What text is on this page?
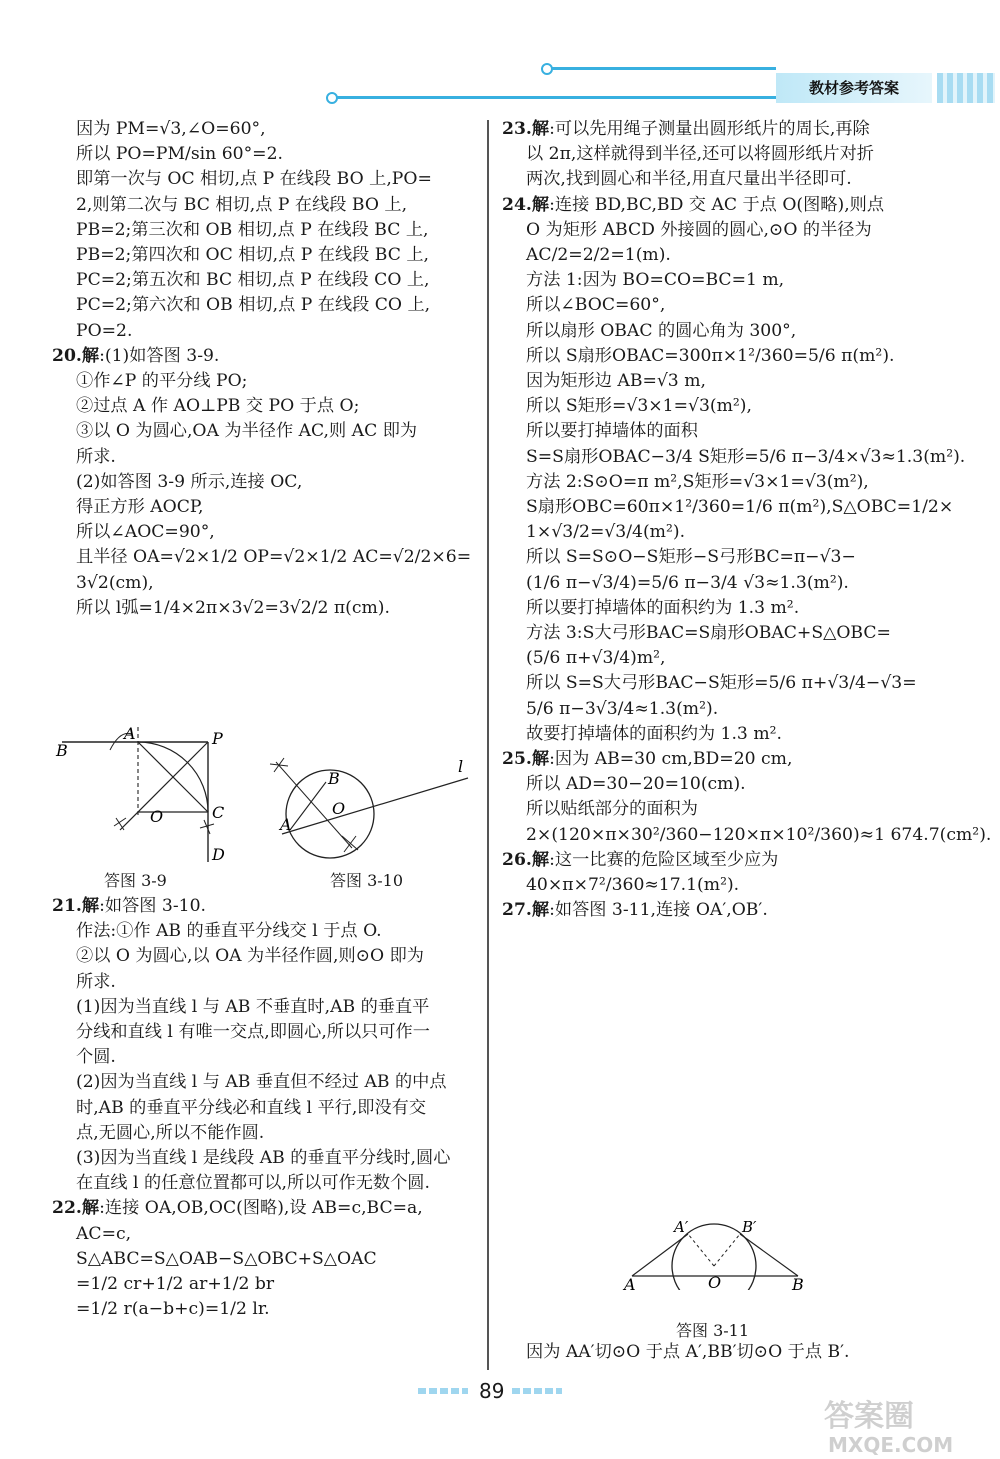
教材参考答案

因为 PM=√3,∠O=60°,

所以 PO=PM/sin 60°=2.

即第一次与 OC 相切,点 P 在线段 BO 上,PO=

2,则第二次与 BC 相切,点 P 在线段 BO 上,

PB=2;第三次和 OB 相切,点 P 在线段 BC 上,

PB=2;第四次和 OC 相切,点 P 在线段 BC 上,

PC=2;第五次和 BC 相切,点 P 在线段 CO 上,

PC=2;第六次和 OB 相切,点 P 在线段 CO 上,

PO=2.

20.解:(1)如答图 3-9.

①作∠P 的平分线 PO;

②过点 A 作 AO⊥PB 交 PO 于点 O;

③以 O 为圆心,OA 为半径作 AC,则 AC 即为

所求.

(2)如答图 3-9 所示,连接 OC,

得正方形 AOCP,

所以∠AOC=90°,

且半径 OA=√2×1/2 OP=√2×1/2 AC=√2/2×6=

3√2(cm),

所以 l弧=1/4×2π×3√2=3√2/2 π(cm).

B
A	P
C
O
D
答图 3-9
B
O
A
l
答图 3-10

21.解:如答图 3-10.

作法:①作 AB 的垂直平分线交 l 于点 O.

②以 O 为圆心,以 OA 为半径作圆,则⊙O 即为

所求.

(1)因为当直线 l 与 AB 不垂直时,AB 的垂直平

分线和直线 l 有唯一交点,即圆心,所以只可作一

个圆.

(2)因为当直线 l 与 AB 垂直但不经过 AB 的中点

时,AB 的垂直平分线必和直线 l 平行,即没有交

点,无圆心,所以不能作圆.

(3)因为当直线 l 是线段 AB 的垂直平分线时,圆心

在直线 l 的任意位置都可以,所以可作无数个圆.

22.解:连接 OA,OB,OC(图略),设 AB=c,BC=a,

AC=c,

S△ABC=S△OAB−S△OBC+S△OAC

=1/2 cr+1/2 ar+1/2 br

=1/2 r(a−b+c)=1/2 lr.

23.解:可以先用绳子测量出圆形纸片的周长,再除

以 2π,这样就得到半径,还可以将圆形纸片对折

两次,找到圆心和半径,用直尺量出半径即可.

24.解:连接 BD,BC,BD 交 AC 于点 O(图略),则点

O 为矩形 ABCD 外接圆的圆心,⊙O 的半径为

AC/2=2/2=1(m).

方法 1:因为 BO=CO=BC=1 m,

所以∠BOC=60°,

所以扇形 OBAC 的圆心角为 300°,

所以 S扇形OBAC=300π×1²/360=5/6 π(m²).

因为矩形边 AB=√3 m,

所以 S矩形=√3×1=√3(m²),

所以要打掉墙体的面积

S=S扇形OBAC−3/4 S矩形=5/6 π−3/4×√3≈1.3(m²).

方法 2:S⊙O=π m²,S矩形=√3×1=√3(m²),

S扇形OBC=60π×1²/360=1/6 π(m²),S△OBC=1/2×

1×√3/2=√3/4(m²).

所以 S=S⊙O−S矩形−S弓形BC=π−√3−

(1/6 π−√3/4)=5/6 π−3/4 √3≈1.3(m²).

所以要打掉墙体的面积约为 1.3 m².

方法 3:S大弓形BAC=S扇形OBAC+S△OBC=

(5/6 π+√3/4)m²,

所以 S=S大弓形BAC−S矩形=5/6 π+√3/4−√3=

5/6 π−3√3/4≈1.3(m²).

故要打掉墙体的面积约为 1.3 m².

25.解:因为 AB=30 cm,BD=20 cm,

所以 AD=30−20=10(cm).

所以贴纸部分的面积为

2×(120×π×30²/360−120×π×10²/360)≈1 674.7(cm²).

26.解:这一比赛的危险区域至少应为

40×π×7²/360≈17.1(m²).

27.解:如答图 3-11,连接 OA′,OB′.

A	O	B
A′	B′
答图 3-11

因为 AA′切⊙O 于点 A′,BB′切⊙O 于点 B′.

89
答案圈
MXQE.COM
